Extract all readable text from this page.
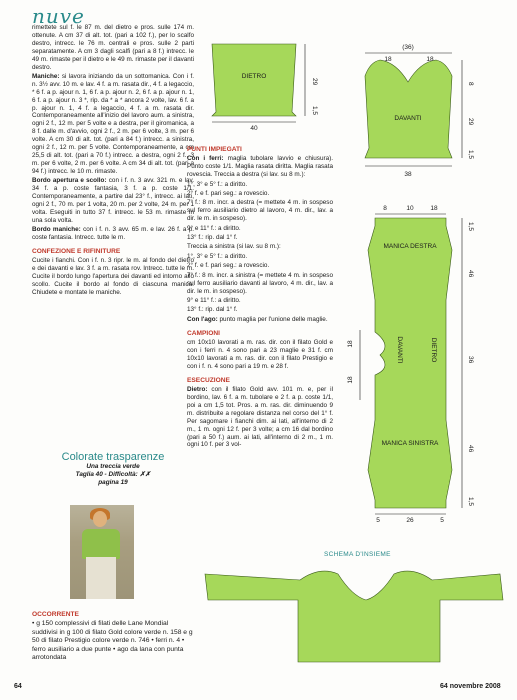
nuve

rimettete sul f. le 87 m. del dietro e pros. sulle 174 m. ottenute. A cm 37 di alt. tot. (pari a 102 f.), per lo scalfo destro, intrecc. le 76 m. centrali e pros. sulle 2 parti separatamente. A cm 3 dagli scalfi (pari a 8 f.) intrecc. le 49 m. rimaste per il dietro e le 49 m. rimaste per il davanti destro.

Maniche: si lavora iniziando da un sottomanica. Con i f. n. 3½ avv. 10 m. e lav. 4 f. a m. rasata dir., 4 f. a legaccio, * 6 f. a p. ajour n. 1, 6 f. a p. ajour n. 2, 6 f. a p. ajour n. 1, 6 f. a p. ajour n. 3 *, rip. da * a * ancora 2 volte, lav. 6 f. a p. ajour n. 1, 4 f. a legaccio, 4 f. a m. rasata dir. Contemporaneamente all'inizio del lavoro aum. a sinistra, ogni 2 f., 12 m. per 5 volte e a destra, per il giromanica, a 8 f. dalle m. d'avvio, ogni 2 f., 2 m. per 6 volte, 3 m. per 6 volte. A cm 30 di alt. tot. (pari a 84 f.) intrecc. a sinistra, ogni 2 f., 12 m. per 5 volte. Contemporaneamente, a cm 25,5 di alt. tot. (pari a 70 f.) intrecc. a destra, ogni 2 f., 3 m. per 6 volte, 2 m. per 6 volte. A cm 34 di alt. tot. (pari a 94 f.) intrecc. le 10 m. rimaste.

Bordo apertura e scollo: con i f. n. 3 avv. 321 m. e lav. 34 f. a p. coste fantasia, 3 f. a p. coste 1/1. Contemporaneamente, a partire dal 23° f., intrecc. ai lati, ogni 2 f., 70 m. per 1 volta, 20 m. per 2 volte, 24 m. per 1 volta. Eseguiti in tutto 37 f. intrecc. le 53 m. rimaste in una sola volta.

Bordo maniche: con i f. n. 3 avv. 65 m. e lav. 26 f. a p. coste fantasia. Intrecc. tutte le m.

CONFEZIONE E RIFINITURE

Cucite i fianchi. Con i f. n. 3 ripr. le m. al fondo del dietro e dei davanti e lav. 3 f. a m. rasata rov. Intrecc. tutte le m. Cucite il bordo lungo l'apertura dei davanti ed intorno allo scollo. Cucite il bordo al fondo di ciascuna manica. Chiudete e montate le maniche.

Colorate trasparenze
Una treccia verde
Taglia 40 - Difficoltà: ✗✗
pagina 19
OCCORRENTE
• g 150 complessivi di filati delle Lane Mondial suddivisi in g 100 di filato Gold colore verde n. 158 e g 50 di filato Prestigio colore verde n. 746 • ferri n. 4 • ferro ausiliario a due punte • ago da lana con punta arrotondata

PUNTI IMPIEGATI

Con i ferri: maglia tubolare lavvio e chiusura). Punto coste 1/1. Maglia rasata diritta. Maglia rasata rovescia. Treccia a destra (si lav. su 8 m.):

1°, 3° e 5° f.: a diritto.

2° f. e f. pari seg.: a rovescio.

7° f.: 8 m. incr. a destra (= mettete 4 m. in sospeso sul ferro ausiliario dietro al lavoro, 4 m. dir., lav. a dir. le m. in sospeso).

9° e 11° f.: a diritto.

13° f.: rip. dal 1° f.

Treccia a sinistra (si lav. su 8 m.):

1°, 3° e 5° f.: a diritto.

2° f. e f. pari seg.: a rovescio.

7° f.: 8 m. incr. a sinistra (= mettete 4 m. in sospeso sul ferro ausiliario davanti al lavoro, 4 m. dir., lav. a dir. le m. in sospeso).

9° e 11° f.: a diritto.

13° f.: rip. dal 1° f.

Con l'ago: punto maglia per l'unione delle maglie.

CAMPIONI

cm 10x10 lavorati a m. ras. dir. con il filato Gold e con i ferri n. 4 sono pari a 23 maglie e 31 f. cm 10x10 lavorati a m. ras. dir. con il filato Prestigio e con i f. n. 4 sono pari a 19 m. e 28 f.

ESECUZIONE

Dietro: con il filato Gold avv. 101 m. e, per il bordino, lav. 6 f. a m. tubolare e 2 f. a p. coste 1/1, poi a cm 1,5 tot. Pros. a m. ras. dir. diminuendo 9 m. distribuite a regolare distanza nel corso del 1° f. Per sagomare i fianchi dim. ai lati, all'interno di 2 m., 1 m. ogni 12 f. per 3 volte; a cm 16 dal bordino (pari a 50 f.) aum. ai lati, all'interno di 2 m., 1 m. ogni 10 f. per 3 vol-

DIETRO
40
29
1,5
DAVANTI
(36)
18	18
8
29
1,5
38
8	10	18
MANICA DESTRA
MANICA SINISTRA
DAVANTI	DIETRO
1,5
46
36
46
1,5
18
18
5	26	5
SCHEMA D'INSIEME
64	64 novembre 2008
